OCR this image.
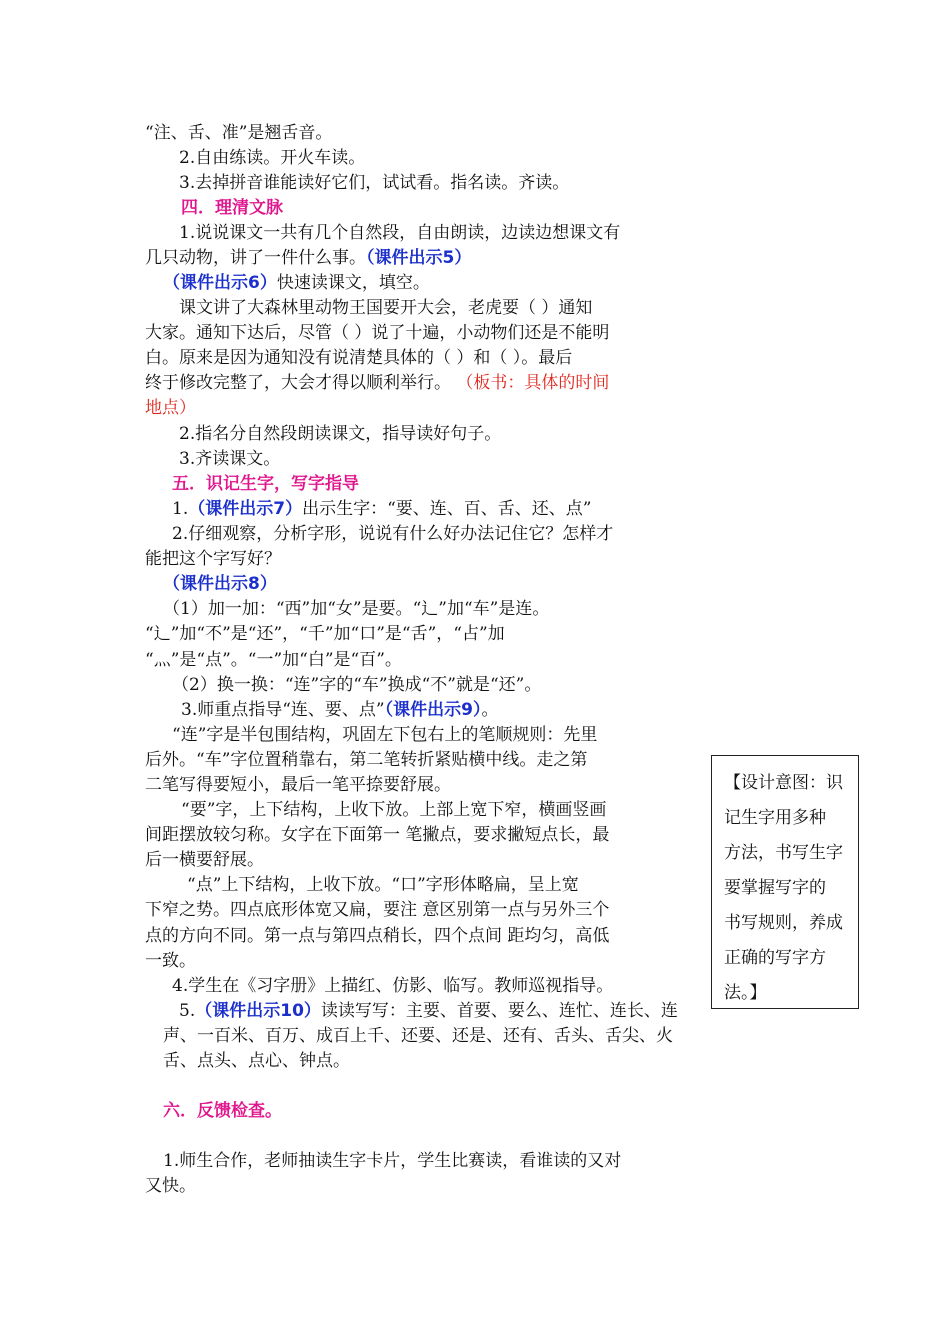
“注、舌、准”是翘舌音。
2.自由练读。开火车读。
3.去掉拼音谁能读好它们，试试看。指名读。齐读。
四．理清文脉
1.说说课文一共有几个自然段，自由朗读，边读边想课文有
几只动物，讲了一件什么事。（课件出示5）
（课件出示6）快速读课文，填空。
课文讲了大森林里动物王国要开大会，老虎要（ ）通知
大家。通知下达后，尽管（ ）说了十遍，小动物们还是不能明
白。原来是因为通知没有说清楚具体的（ ）和（ ）。最后
终于修改完整了，大会才得以顺利举行。 （板书：具体的时间
地点）
2.指名分自然段朗读课文，指导读好句子。
3.齐读课文。
五．识记生字，写字指导
1.（课件出示7）出示生字：“要、连、百、舌、还、点”
2.仔细观察，分析字形，说说有什么好办法记住它？怎样才
能把这个字写好？
（课件出示8）
（1）加一加：“西”加“女”是要。“辶”加“车”是连。
“辶”加“不”是“还”，“千”加“口”是“舌”，“占”加
“灬”是“点”。“一”加“白”是“百”。
（2）换一换：“连”字的“车”换成“不”就是“还”。
3.师重点指导“连、要、点”（课件出示9）。
“连”字是半包围结构，巩固左下包右上的笔顺规则：先里
后外。“车”字位置稍靠右，第二笔转折紧贴横中线。走之第
二笔写得要短小，最后一笔平捺要舒展。
“要”字，上下结构，上收下放。上部上宽下窄，横画竖画
间距摆放较匀称。女字在下面第一 笔撇点，要求撇短点长，最
后一横要舒展。
“点”上下结构，上收下放。“口”字形体略扁，呈上宽
下窄之势。四点底形体宽又扁，要注 意区别第一点与另外三个
点的方向不同。第一点与第四点稍长，四个点间 距均匀，高低
一致。
4.学生在《习字册》上描红、仿影、临写。教师巡视指导。
5.（课件出示10）读读写写：主要、首要、要么、连忙、连长、连
声、一百米、百万、成百上千、还要、还是、还有、舌头、舌尖、火
舌、点头、点心、钟点。
六．反馈检查。
1.师生合作，老师抽读生字卡片，学生比赛读，看谁读的又对
又快。
【设计意图：识
记生字用多种
方法，书写生字
要掌握写字的
书写规则，养成
正确的写字方
法。】
